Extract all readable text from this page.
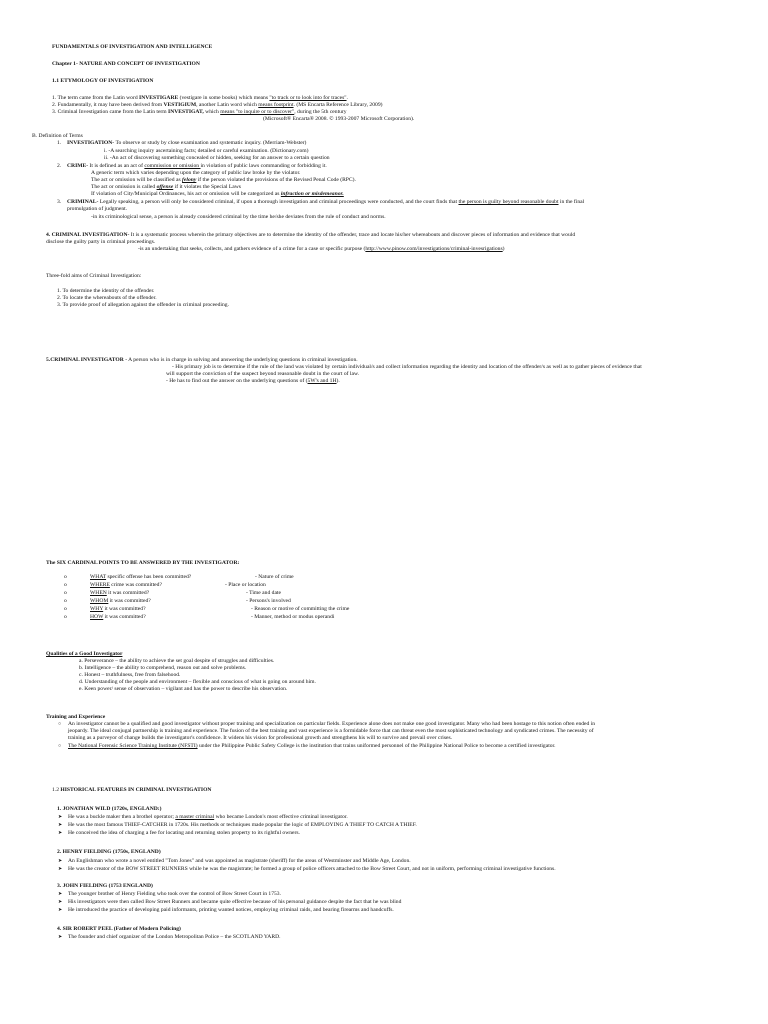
FUNDAMENTALS OF INVESTIGATION AND INTELLIGENCE
Chapter 1- NATURE AND CONCEPT OF INVESTIGATION
1.1 ETYMOLOGY OF INVESTIGATION
1. The term came from the Latin word INVESTIGARE (vestigare in some books) which means "to track or to look into for traces".
2. Fundamentally, it may have been derived from VESTIGIUM, another Latin word which means footprint. (MS Encarta Reference Library, 2009)
3. Criminal Investigation came from the Latin term INVESTIGAT, which means "to inquire or to discover", during the 5th century
(Microsoft® Encarta® 2008. © 1993-2007 Microsoft Corporation).
B. Definition of Terms
1. INVESTIGATION- To observe or study by close examination and systematic inquiry. (Merriam-Webster)
i. -A searching inquiry ascertaining facts; detailed or careful examination. (Dictionary.com)
ii. -An act of discovering something concealed or hidden, seeking for an answer to a certain question
2. CRIME- It is defined as an act of commission or omission in violation of public laws commanding or forbidding it.
A generic term which varies depending upon the category of public law broke by the violator.
The act or omission will be classified as felony if the person violated the provisions of the Revised Penal Code (RPC).
The act or omission is called offense if it violates the Special Laws
If violation of City/Municipal Ordinances, his act or omission will be categorized as infraction or misdemeanor.
3. CRIMINAL- Legally speaking, a person will only be considered criminal, if upon a thorough investigation and criminal proceedings were conducted, and the court finds that the person is guilty beyond reasonable doubt in the final
promulgation of judgment.
-in its criminological sense, a person is already considered criminal by the time he/she deviates from the rule of conduct and norms.
4. CRIMINAL INVESTIGATION- It is a systematic process wherein the primary objectives are to determine the identity of the offender, trace and locate his/her whereabouts and discover pieces of information and evidence that would
disclose the guilty party in criminal proceedings.
-is an undertaking that seeks, collects, and gathers evidence of a crime for a case or specific purpose (http://www.pinow.com/investigations/criminal-invesrigations)
Three-fold aims of Criminal Investigation:
1. To determine the identity of the offender.
2. To locate the whereabouts of the offender.
3. To provide proof of allegation against the offender in criminal proceeding.
5.CRIMINAL INVESTIGATOR - A person who is in charge in solving and answering the underlying questions in criminal investigation.
- His primary job is to determine if the rule of the land was violated by certain individual/s and collect information regarding the identity and location of the offender/s as well as to gather pieces of evidence that
will support the conviction of the suspect beyond reasonable doubt in the court of law.
- He has to find out the answer on the underlying questions of (5W's and 1H).
The SIX CARDINAL POINTS TO BE ANSWERED BY THE INVESTIGATOR:
o	WHAT specific offense has been committed?	- Nature of crime
o	WHERE crime was committed?	- Place or location
o	WHEN it was committed?	- Time and date
o	WHOM it was committed?	- Persons's involved
o	WHY it was committed?	- Reason or motive of committing the crime
o	HOW it was committed?	- Manner, method or modus operandi
Qualities of a Good Investigator
a. Perseverance – the ability to achieve the set goal despite of struggles and difficulties.
b. Intelligence – the ability to comprehend, reason out and solve problems.
c. Honest – truthfulness, free from falsehood.
d. Understanding of the people and environment – flexible and conscious of what is going on around him.
e. Keen power/ sense of observation – vigilant and has the power to describe his observation.
Training and Experience
○ An investigator cannot be a qualified and good investigator without proper training and specialization on particular fields. Experience alone does not make one good investigator. Many who had been hostage to this notion often ended in
jeopardy. The ideal conjugal partnership is training and experience. The fusion of the best training and vast experience is a formidable force that can threat even the most sophisticated technology and syndicated crimes. The necessity of
training as a purveyor of change builds the investigator's confidence. It widens his vision for professional growth and strengthens his will to survive and prevail over crises.
○ The National Forensic Science Training Institute (NFSTI) under the Philippine Public Safety College is the institution that trains uniformed personnel of the Philippine National Police to become a certified investigator.
1.2 HISTORICAL FEATURES IN CRIMINAL INVESTIGATION
1. JONATHAN WILD (1720s, ENGLAND:)
➤ He was a buckle maker then a brothel operator; a master criminal who became London's most effective criminal investigator.
➤ He was the most famous THIEF-CATCHER in 1720s. His methods or techniques made popular the logic of EMPLOYING A THIEF TO CATCH A THIEF.
➤ He conceived the idea of charging a fee for locating and returning stolen property to its rightful owners.
2. HENRY FIELDING (1750s, ENGLAND)
➤ An Englishman who wrote a novel entitled "Tom Jones" and was appointed as magistrate (sheriff) for the areas of Westminster and Middle Age, London.
➤ He was the creator of the BOW STREET RUNNERS while he was the magistrate; he formed a group of police officers attached to the Bow Street Court, and not in uniform, performing criminal investigative functions.
3. JOHN FIELDING (1753 ENGLAND)
➤ The younger brother of Henry Fielding who took over the control of Bow Street Court in 1753.
➤ His investigators were then called Bow Street Runners and became quite effective because of his personal guidance despite the fact that he was blind
➤ He introduced the practice of developing paid informants, printing wanted notices, employing criminal raids, and bearing firearms and handcuffs.
4. SIR ROBERT PEEL (Father of Modern Policing)
➤ The founder and chief organizer of the London Metropolitan Police – the SCOTLAND YARD.
